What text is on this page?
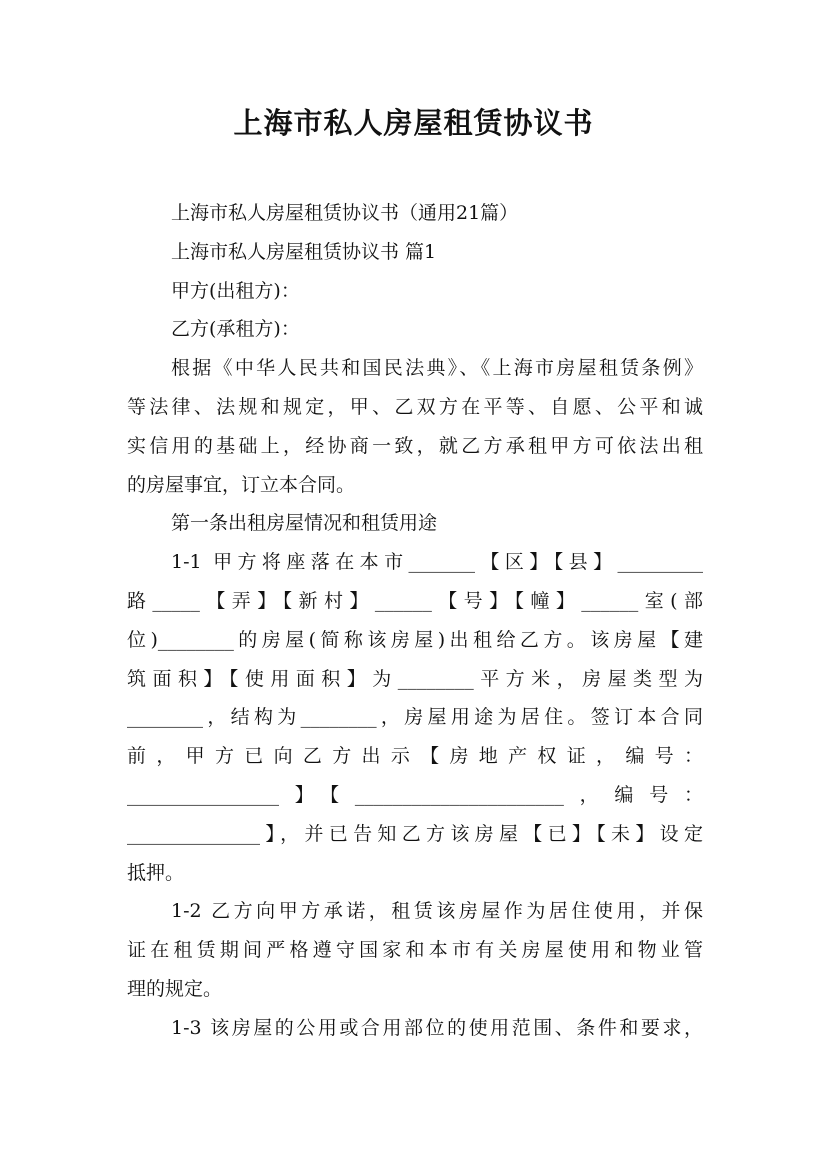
上海市私人房屋租赁协议书
上海市私人房屋租赁协议书（通用21篇）
上海市私人房屋租赁协议书 篇1
甲方(出租方)：
乙方(承租方)：
根据《中华人民共和国民法典》、《上海市房屋租赁条例》
等法律、法规和规定，甲、乙双方在平等、自愿、公平和诚
实信用的基础上，经协商一致，就乙方承租甲方可依法出租
的房屋事宜，订立本合同。
第一条出租房屋情况和租赁用途
1-1 甲方将座落在本市_______【区】【县】_________
路_____【弄】【新村】______【号】【幢】______室(部
位)________的房屋(简称该房屋)出租给乙方。该房屋【建
筑面积】【使用面积】为________平方米，房屋类型为
________，结构为________，房屋用途为居住。签订本合同
前，甲方已向乙方出示【房地产权证，编号：
________________】【______________________，编号：
______________】，并已告知乙方该房屋【已】【未】设定
抵押。
1-2 乙方向甲方承诺，租赁该房屋作为居住使用，并保
证在租赁期间严格遵守国家和本市有关房屋使用和物业管
理的规定。
1-3 该房屋的公用或合用部位的使用范围、条件和要求，
